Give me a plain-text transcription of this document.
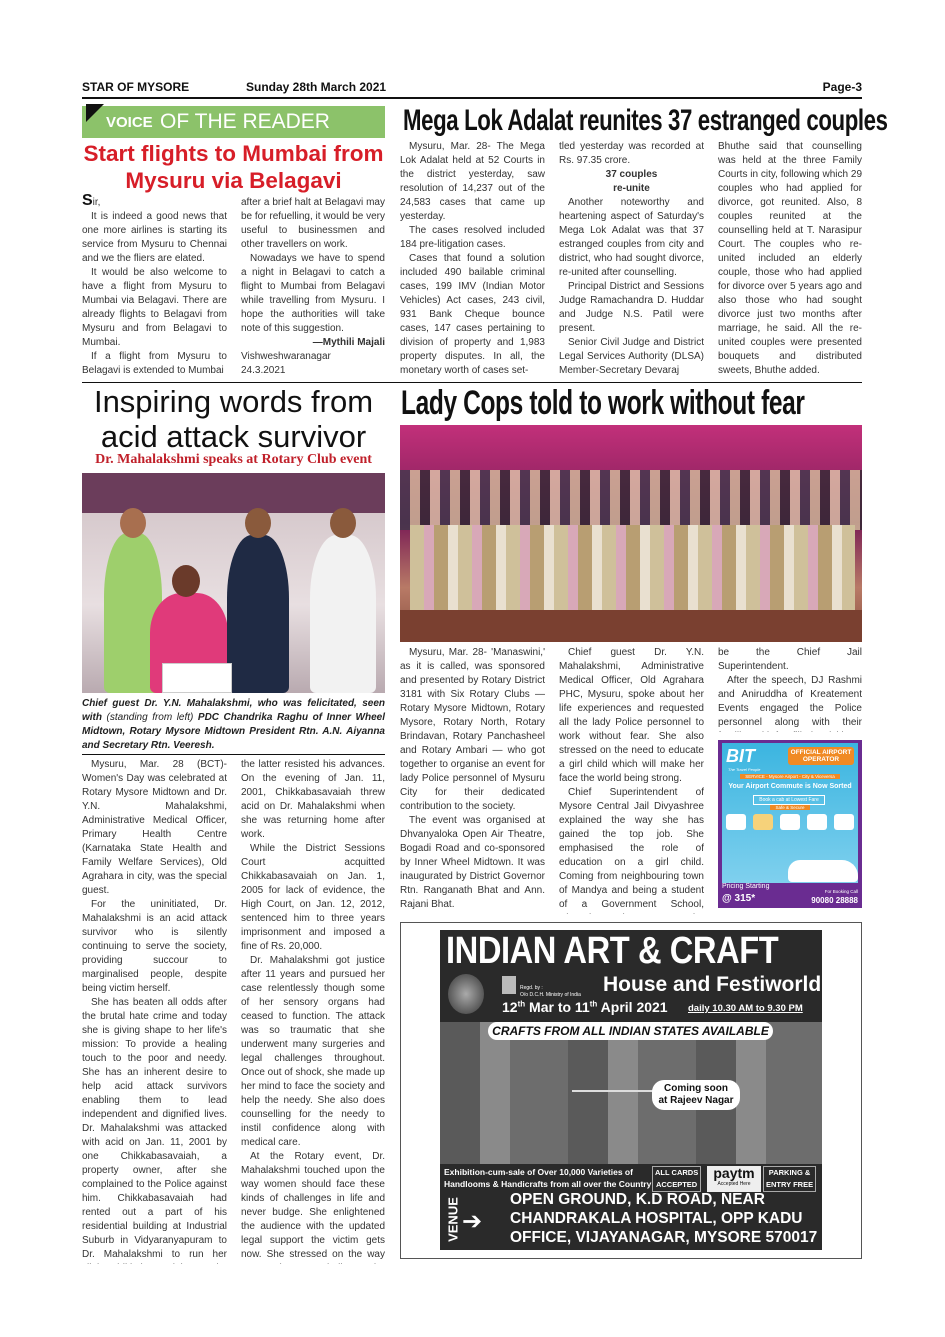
STAR OF MYSORE	Sunday 28th March 2021	Page-3
VOICE OF THE READER
Start flights to Mumbai from Mysuru via Belagavi

Sir,

It is indeed a good news that one more airlines is starting its service from Mysuru to Chennai and we the fliers are elated.

It would be also welcome to have a flight from Mysuru to Mumbai via Belagavi. There are already flights to Belagavi from Mysuru and from Belagavi to Mumbai.

If a flight from Mysuru to Belagavi is extended to Mumbai

after a brief halt at Belagavi may be for refuelling, it would be very useful to businessmen and other travellers on work.

Nowadays we have to spend a night in Belagavi to catch a flight to Mumbai from Belagavi while travelling from Mysuru. I hope the authorities will take note of this suggestion.

—Mythili Majali

Vishweshwaranagar

24.3.2021

Mega Lok Adalat reunites 37 estranged couples

Mysuru, Mar. 28- The Mega Lok Adalat held at 52 Courts in the district yesterday, saw resolution of 14,237 out of the 24,583 cases that came up yesterday.

The cases resolved included 184 pre-litigation cases.

Cases that found a solution included 490 bailable criminal cases, 199 IMV (Indian Motor Vehicles) Act cases, 243 civil, 931 Bank Cheque bounce cases, 147 cases pertaining to division of property and 1,983 property disputes. In all, the monetary worth of cases set-

tled yesterday was recorded at Rs. 97.35 crore.

37 couples

re-unite

Another noteworthy and heartening aspect of Saturday's Mega Lok Adalat was that 37 estranged couples from city and district, who had sought divorce, re-united after counselling.

Principal District and Sessions Judge Ramachandra D. Huddar and Judge N.S. Patil were present.

Senior Civil Judge and District Legal Services Authority (DLSA) Member-Secretary Devaraj

Bhuthe said that counselling was held at the three Family Courts in city, following which 29 couples who had applied for divorce, got reunited. Also, 8 couples reunited at the counselling held at T. Narasipur Court. The couples who re-united included an elderly couple, those who had applied for divorce over 5 years ago and also those who had sought divorce just two months after marriage, he said. All the re-united couples were presented bouquets and distributed sweets, Bhuthe added.

Inspiring words from
acid attack survivor
Dr. Mahalakshmi speaks at Rotary Club event
Chief guest Dr. Y.N. Mahalakshmi, who was felicitated, seen with (standing from left) PDC Chandrika Raghu of Inner Wheel Midtown, Rotary Mysore Midtown President Rtn. A.N. Aiyanna and Secretary Rtn. Veeresh.

Mysuru, Mar. 28 (BCT)- Women's Day was celebrated at Rotary Mysore Midtown and Dr. Y.N. Mahalakshmi, Administrative Medical Officer, Primary Health Centre (Karnataka State Health and Family Welfare Services), Old Agrahara in city, was the special guest.

For the uninitiated, Dr. Mahalakshmi is an acid attack survivor who is silently continuing to serve the society, providing succour to marginalised people, despite being victim herself.

She has beaten all odds after the brutal hate crime and today she is giving shape to her life's mission: To provide a healing touch to the poor and needy. She has an inherent desire to help acid attack survivors enabling them to lead independent and dignified lives. Dr. Mahalakshmi was attacked with acid on Jan. 11, 2001 by one Chikkabasavaiah, a property owner, after she complained to the Police against him. Chikkabasavaiah had rented out a part of his residential building at Industrial Suburb in Vidyaranyapuram to Dr. Mahalakshmi to run her

the latter resisted his advances. On the evening of Jan. 11, 2001, Chikkabasavaiah threw acid on Dr. Mahalakshmi when she was returning home after work.

While the District Sessions Court acquitted Chikkabasavaiah on Jan. 1, 2005 for lack of evidence, the High Court, on Jan. 12, 2012, sentenced him to three years imprisonment and imposed a fine of Rs. 20,000.

Dr. Mahalakshmi got justice after 11 years and pursued her case relentlessly though some of her sensory organs had ceased to function. The attack was so traumatic that she underwent many surgeries and legal challenges throughout. Once out of shock, she made up her mind to face the society and help the needy. She also does counselling for the needy to instil confidence along with medical care.

At the Rotary event, Dr. Mahalakshmi touched upon the way women should face these kinds of challenges in life and never budge. She enlightened the audience with the updated legal support the victim gets now. She stressed on the way

Lady Cops told to work without fear

Mysuru, Mar. 28- 'Manaswini,' as it is called, was sponsored and presented by Rotary District 3181 with Six Rotary Clubs — Rotary Mysore Midtown, Rotary Mysore, Rotary North, Rotary Brindavan, Rotary Panchasheel and Rotary Ambari — who got together to organise an event for lady Police personnel of Mysuru City for their dedicated contribution to the society.

The event was organised at Dhvanyaloka Open Air Theatre, Bogadi Road and co-sponsored by Inner Wheel Midtown. It was inaugurated by District Governor Rtn. Ranganath Bhat and Ann. Rajani Bhat.

Chief guest Dr. Y.N. Mahalakshmi, Administrative Medical Officer, Old Agrahara PHC, Mysuru, spoke about her life experiences and requested all the lady Police personnel to work without fear. She also stressed on the need to educate a girl child which will make her face the world being strong.

Chief Superintendent of Mysore Central Jail Divyashree explained the way she has gained the top job. She emphasised the role of education on a girl child. Coming from neighbouring town of Mandya and being a student of a Government School,

be the Chief Jail Superintendent.

After the speech, DJ Rashmi and Aniruddha of Kreatement Events engaged the Police personnel along with their

BIT
The Travel People
OFFICIAL AIRPORT OPERATOR
SERVICE - Mysore Airport - City & Viceversa
Your Airport Commute is Now Sorted
Book a cab at Lowest Fare
Safe & Secure
Pricing Starting
@ 315*
For Booking Call
90080 28888
INDIAN ART & CRAFT
Regd. by :
O/o D.C.H. Ministry of India House and Festiworld
12th Mar to 11th April 2021 daily 10.30 AM to 9.30 PM
CRAFTS FROM ALL INDIAN STATES AVAILABLE
Coming soon
at Rajeev Nagar
Exhibition-cum-sale of Over 10,000 Varieties of
Handlooms & Handicrafts from all over the Country
ALL CARDS
ACCEPTED
paytm
Accepted Here
PARKING &
ENTRY FREE
VENUE ➔
OPEN GROUND, K.D ROAD, NEAR
CHANDRAKALA HOSPITAL, OPP KADU
OFFICE, VIJAYANAGAR, MYSORE 570017
